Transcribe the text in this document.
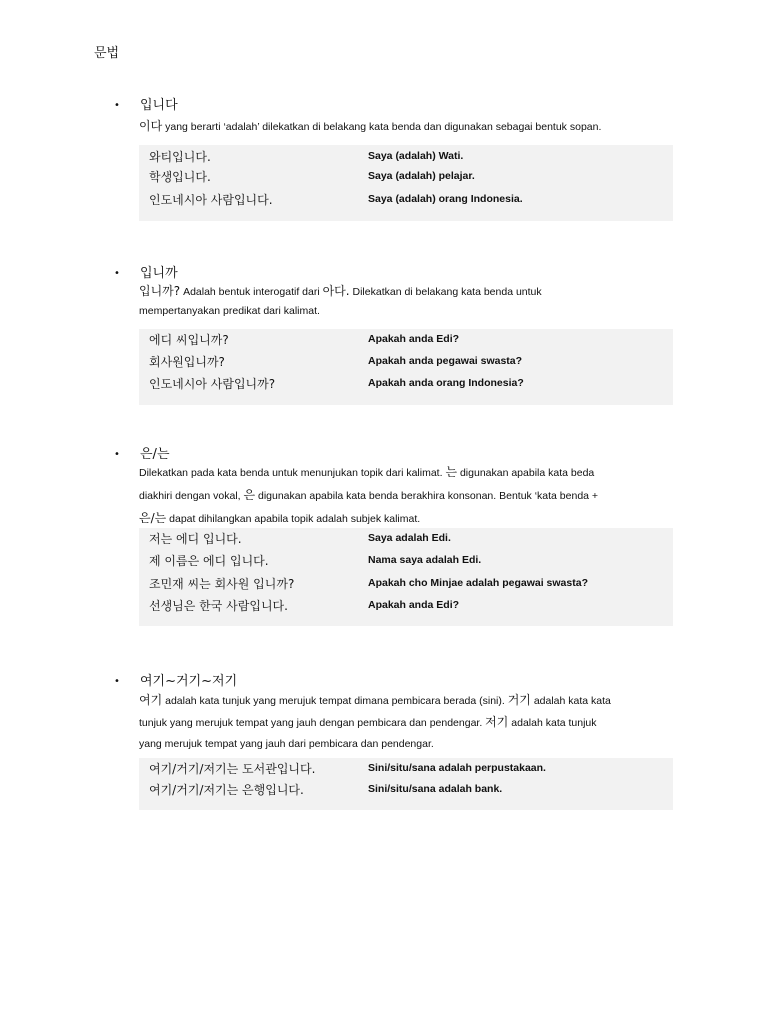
문법
• 입니다
이다 yang berarti ‘adalah’ dilekatkan di belakang kata benda dan digunakan sebagai bentuk sopan.
와티입니다.	Saya (adalah) Wati.
학생입니다.	Saya (adalah) pelajar.
인도네시아 사람입니다.	Saya (adalah) orang Indonesia.
• 입니까
입니까? Adalah bentuk interogatif dari 아다. Dilekatkan di belakang kata benda untuk
mempertanyakan predikat dari kalimat.
에디 씨입니까?	Apakah anda Edi?
회사원입니까?	Apakah anda pegawai swasta?
인도네시아 사람입니까?	Apakah anda orang Indonesia?
• 은/는
Dilekatkan pada kata benda untuk menunjukan topik dari kalimat. 는 digunakan apabila kata beda
diakhiri dengan vokal, 은 digunakan apabila kata benda berakhira konsonan. Bentuk ‘kata benda +
은/는 dapat dihilangkan apabila topik adalah subjek kalimat.
저는 에디 입니다.	Saya adalah Edi.
제 이름은 에디 입니다.	Nama saya adalah Edi.
조민재 씨는 회사원 입니까?	Apakah cho Minjae adalah pegawai swasta?
선생님은 한국 사람입니다.	Apakah anda Edi?
• 여기~거기~저기
여기 adalah kata tunjuk yang merujuk tempat dimana pembicara berada (sini). 거기 adalah kata kata
tunjuk yang merujuk tempat yang jauh dengan pembicara dan pendengar. 저기 adalah kata tunjuk
yang merujuk tempat yang jauh dari pembicara dan pendengar.
여기/거기/저기는 도서관입니다.	Sini/situ/sana adalah perpustakaan.
여기/거기/저기는 은행입니다.	Sini/situ/sana adalah bank.
